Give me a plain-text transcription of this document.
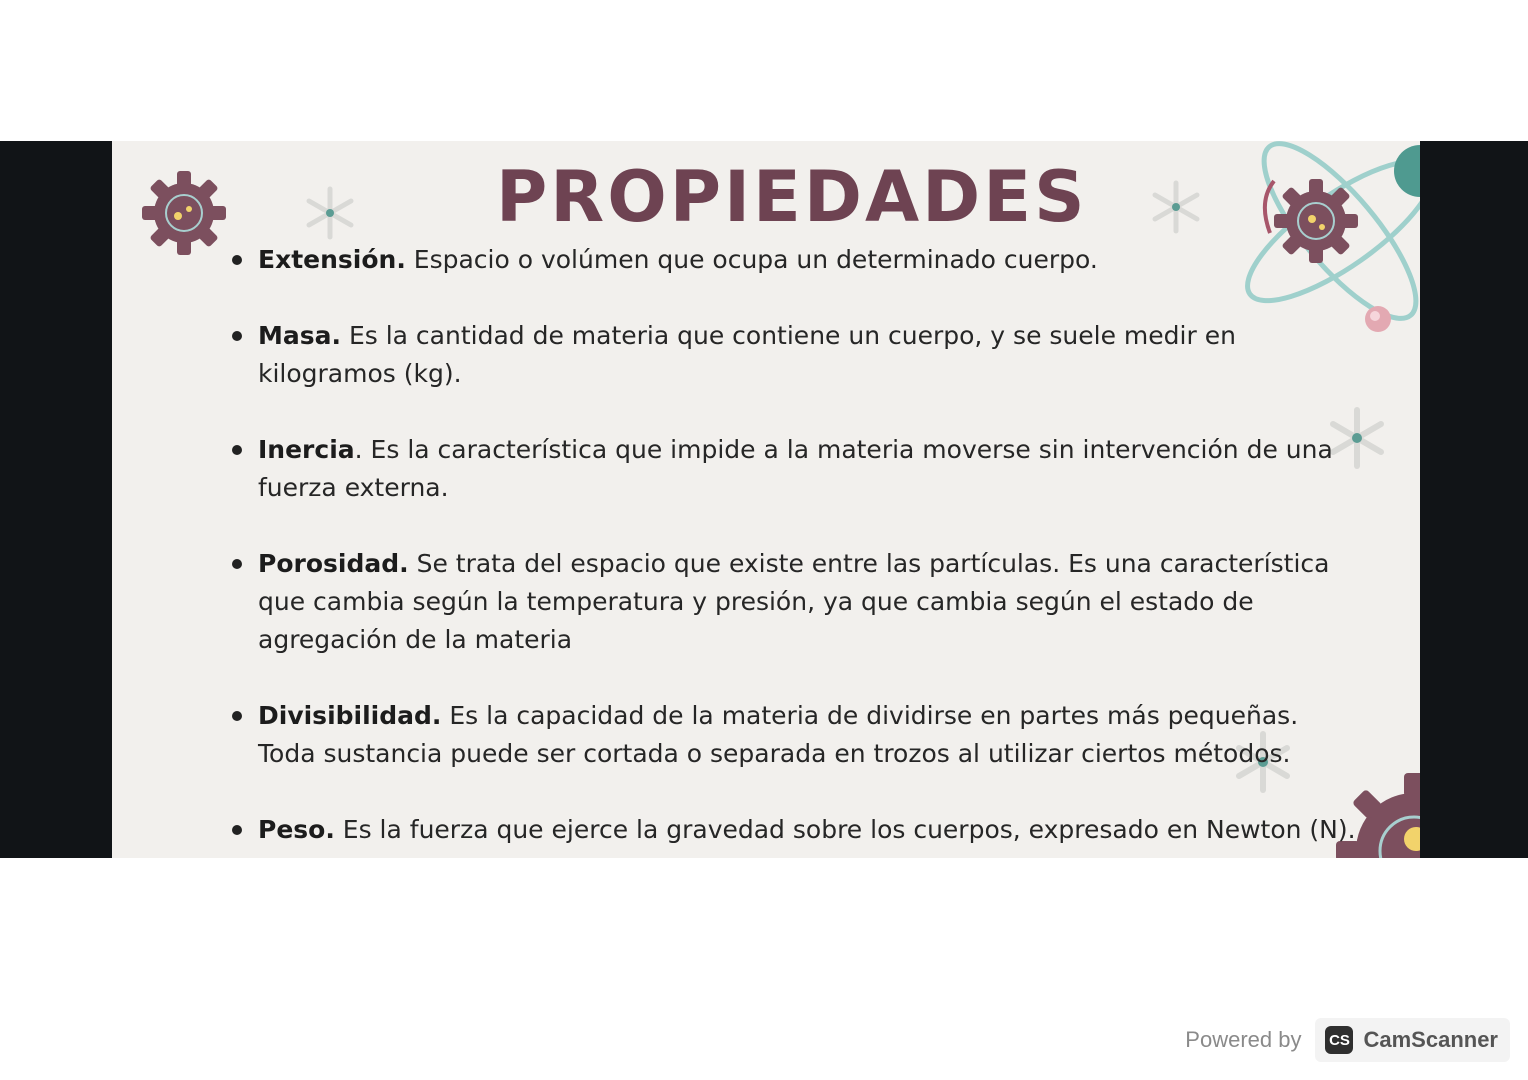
PROPIEDADES
Extensión. Espacio o volúmen que ocupa un determinado cuerpo.
Masa. Es la cantidad de materia que contiene un cuerpo, y se suele medir en kilogramos (kg).
Inercia. Es la característica que impide a la materia moverse sin intervención de una fuerza externa.
Porosidad. Se trata del espacio que existe entre las partículas. Es una característica que cambia según la temperatura y presión, ya que cambia según el estado de agregación de la materia
Divisibilidad. Es la capacidad de la materia de dividirse en partes más pequeñas. Toda sustancia puede ser cortada o separada en trozos al utilizar ciertos métodos.
Peso. Es la fuerza que ejerce la gravedad sobre los cuerpos, expresado en Newton (N).
Powered by CS CamScanner
